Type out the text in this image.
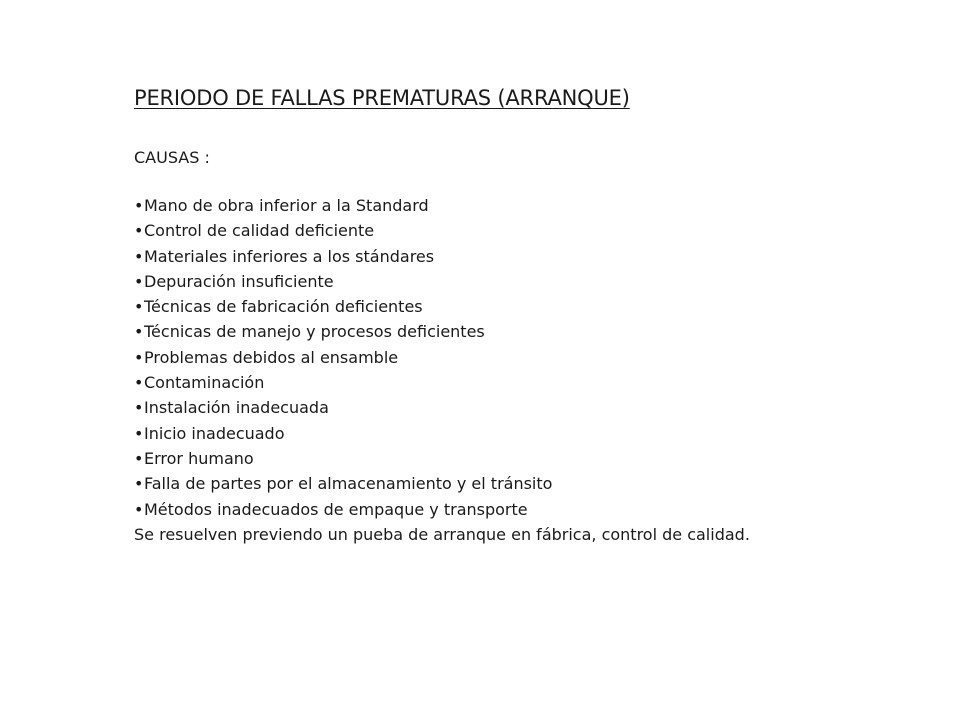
PERIODO DE FALLAS PREMATURAS (ARRANQUE)

CAUSAS :

•Mano de obra inferior a la Standard
•Control de calidad deficiente
•Materiales inferiores a los stándares
•Depuración insuficiente
•Técnicas de fabricación deficientes
•Técnicas de manejo y procesos deficientes
•Problemas debidos al ensamble
•Contaminación
•Instalación inadecuada
•Inicio inadecuado
•Error humano
•Falla de partes por el almacenamiento y el tránsito
•Métodos inadecuados de empaque y transporte

Se resuelven previendo un pueba de arranque en fábrica, control de calidad.
